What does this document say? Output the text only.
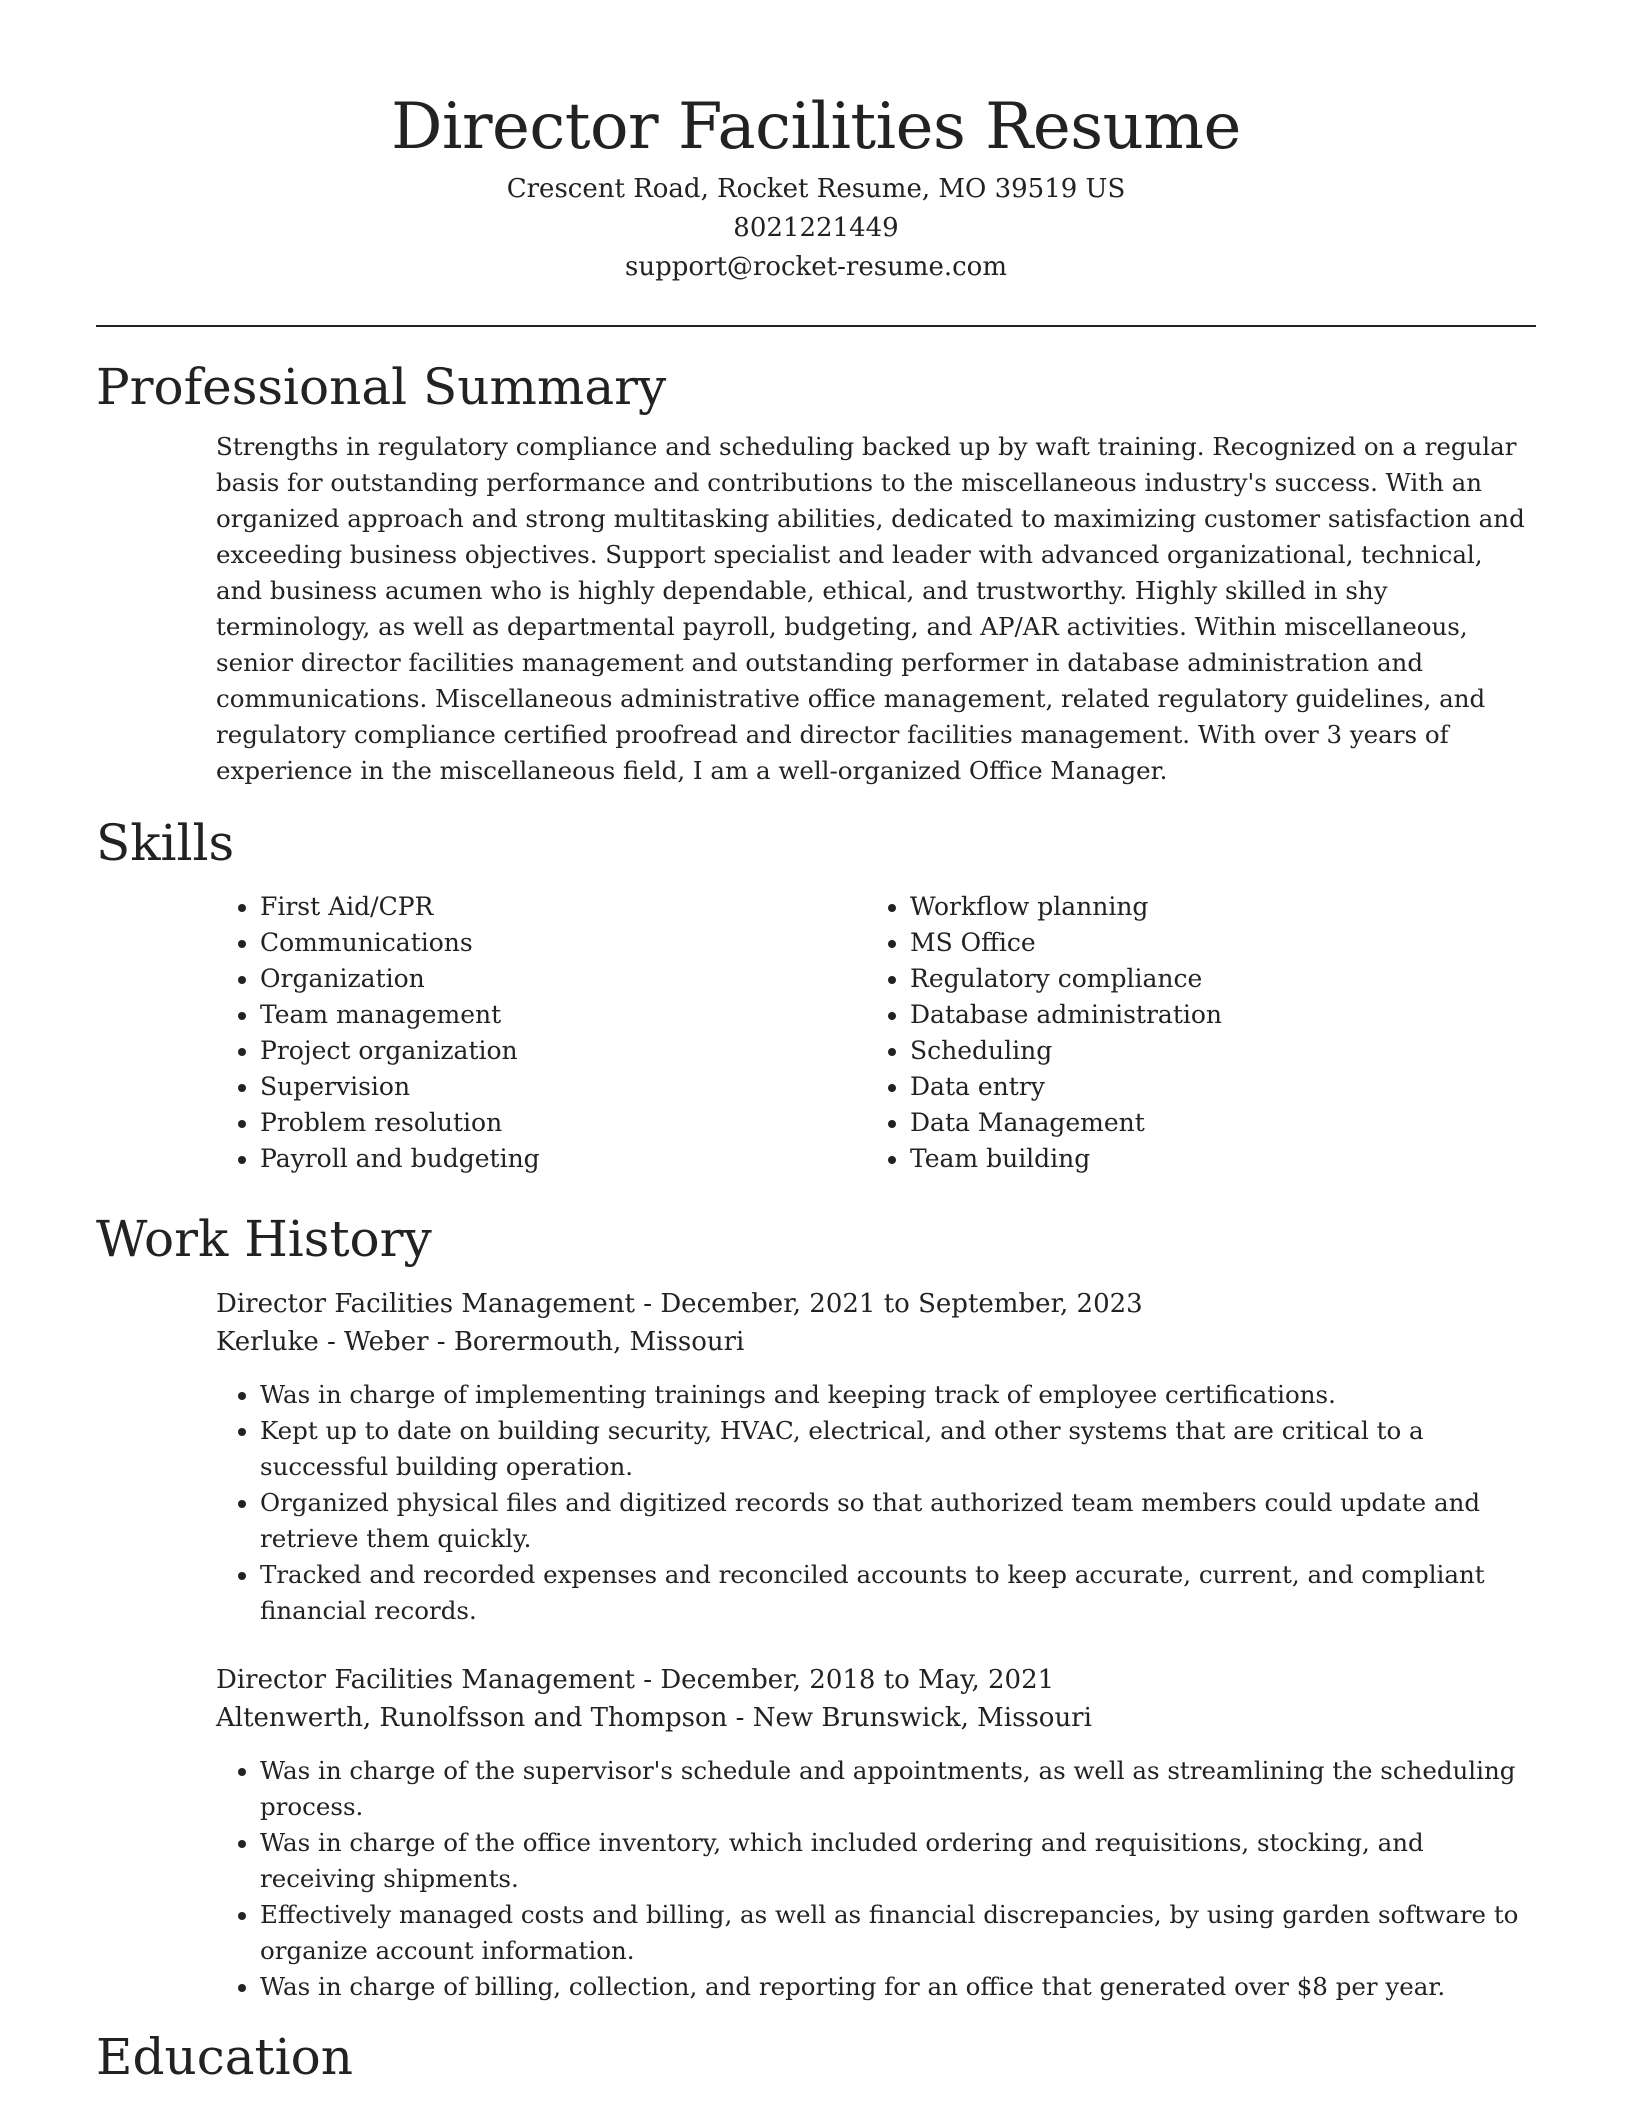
Director Facilities Resume
Crescent Road, Rocket Resume, MO 39519 US
8021221449
support@rocket-resume.com
Professional Summary

Strengths in regulatory compliance and scheduling backed up by waft training. Recognized on a regular basis for outstanding performance and contributions to the miscellaneous industry's success. With an organized approach and strong multitasking abilities, dedicated to maximizing customer satisfaction and exceeding business objectives. Support specialist and leader with advanced organizational, technical, and business acumen who is highly dependable, ethical, and trustworthy. Highly skilled in shy terminology, as well as departmental payroll, budgeting, and AP/AR activities. Within miscellaneous, senior director facilities management and outstanding performer in database administration and communications. Miscellaneous administrative office management, related regulatory guidelines, and regulatory compliance certified proofread and director facilities management. With over 3 years of experience in the miscellaneous field, I am a well-organized Office Manager.

Skills
• First Aid/CPR
• Communications
• Organization
• Team management
• Project organization
• Supervision
• Problem resolution
• Payroll and budgeting
• Workflow planning
• MS Office
• Regulatory compliance
• Database administration
• Scheduling
• Data entry
• Data Management
• Team building
Work History
Director Facilities Management - December, 2021 to September, 2023
Kerluke - Weber - Borermouth, Missouri
• Was in charge of implementing trainings and keeping track of employee certifications.
• Kept up to date on building security, HVAC, electrical, and other systems that are critical to a successful building operation.
• Organized physical files and digitized records so that authorized team members could update and retrieve them quickly.
• Tracked and recorded expenses and reconciled accounts to keep accurate, current, and compliant financial records.
Director Facilities Management - December, 2018 to May, 2021
Altenwerth, Runolfsson and Thompson - New Brunswick, Missouri
• Was in charge of the supervisor's schedule and appointments, as well as streamlining the scheduling process.
• Was in charge of the office inventory, which included ordering and requisitions, stocking, and receiving shipments.
• Effectively managed costs and billing, as well as financial discrepancies, by using garden software to organize account information.
• Was in charge of billing, collection, and reporting for an office that generated over $8 per year.
Education
